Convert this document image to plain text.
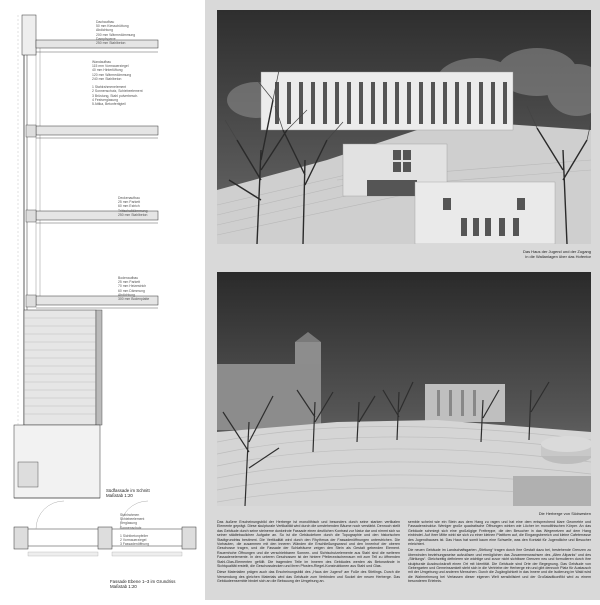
Dachaufbau
50 mm Kiesschüttung
Abdichtung
200 mm Wärmedämmung
Dampfsperre
250 mm Stahlbeton
Wandaufbau
115 mm Vormauerziegel
40 mm Hinterlüftung
120 mm Wärmedämmung
240 mm Stahlbeton

1 Stahlrahmenelement
2 Sonnenschutz, Schiebeelement
3 Brüstung, Stahl pulverbesch.
4 Festverglasung
5 Attika, Betonfertigteil
Deckenaufbau
25 mm Parkett
60 mm Estrich
Trittschalldämmung
250 mm Stahlbeton
Bodenaufbau
25 mm Parkett
70 mm Heizestrich
60 mm Dämmung
Abdichtung
300 mm Bodenplatte
Südfassade im Schnitt
Maßstab 1:20
Stahlrahmen
Schiebeelement
Verglasung
Sonnenschutz

1 Sichtbetonpfeiler
2 Vormauerziegel
3 Fassadenöffnung
Fassade Ebene 1–3 im Grundriss
Maßstab 1:20
Das Haus der Jugend und der Zugang
in die Wallanlagen über das Hofentor
Die Herberge von Südwesten
Das äußere Erscheinungsbild der Herberge ist monolithisch und besonders durch seine starken vertikalen Elemente geprägt. Diese skulpturale Vertikalität wird durch die umstehenden Bäume noch verstärkt. Dennoch stellt das Gebäude durch seine steinerne dunkelrote Fassade einen deutlichen Kontrast zur Natur dar und nimmt sich so seiner städtebaulichen Aufgabe an. So ist die Gebäudeform durch die Topographie und den historischen Stadtgrundriss bestimmt. Die Vertikalität wird durch den Rhythmus der Fassadenöffnungen unterstrichen. Die Vorbauten, die zusammen mit den inneren Wänden die Erschließungswand und den Innenhof der oberen Geschosse tragen, und die Fassade der Schlafräume zeigen den Stein als Gestalt gebenden Element. Rauemhohe Öffnungen und die verschiebbaren Sonnen- und Sichtschutzelemente aus Stahl sind die weiteren Fassadenelemente. In den unteren Geschossen ist der hintere Pfeilerzwischenraum mit zum Teil zu öffnenden Stahl-Glas-Elementen gefüllt. Die tragenden Teile im Inneren des Gebäudes werden als Betonwände in Sichtqualität erstellt, die Geschossdecken und ihren Pfosten-Riegel-Konstruktionen aus Stahl und Glas.
Diese Materialien prägen auch das Erscheinungsbild des „Haus der Jugend“ am Fuße des Stirtlings. Durch die Verwendung des gleichen Materials wird das Gebäude zum Verbinden und Sockel der neuen Herberge. Das Gebäudeensemble bindet sich an die Bebauung der Umgebung an.
semble scheint wie ein Stein aus dem Hang zu ragen und hat eine dem entsprechend klare Geometrie und Fassadenstruktur. Weniger große quadratische Öffnungen wirken wie Löcher im monolithischen Körper. An das Gebäude schmiegt sich eine großzügige Freitreppe, die den Besucher in das Wegenetzen auf dem Hang einbindet. Auf ihrer Mitte wirkt sie sich zu einer kleinen Plattform auf, die Eingangsbereich und kleine Cafeterrasse des Jugendhauses ist. Das Haus hat somit kaum eine Schwelle, was den Kontakt für Jugendliche und Besucher erleichtert.
Die neuen Gebäude im Landschaftsgarten „Stirtlung“ tragen durch ihre Gestalt dazu bei, bestehende Grenzen zu überwinden beziehungsweise aufzulösen und ermöglichen das Zusammenwachsen des „Alten Altparks“ und des „Stirtlungs“. Gleichzeitig definieren sie wichtige und zuvor nicht sichtbare Grenzen neu und formulieren durch ihre skulpturale Ausdruckskraft einen Ort mit Identität. Die Gebäude sind Orte der Begegnung. Das Gebäude von Gebergarten und Gemeinsamkeit steht sich in die Vertriebe der Herberge ein und gibt dennoch Platz für Austausch mit der Umgebung und anderen Menschen. Durch die Zugänglichkeit in das Innere und die Isolierung im Wald wird die Wahrnehmung bei Verlassen dieser eigenen Welt sensibilisiert und der Großstadtkonflikt wird zu einem besonderen Erlebnis.
